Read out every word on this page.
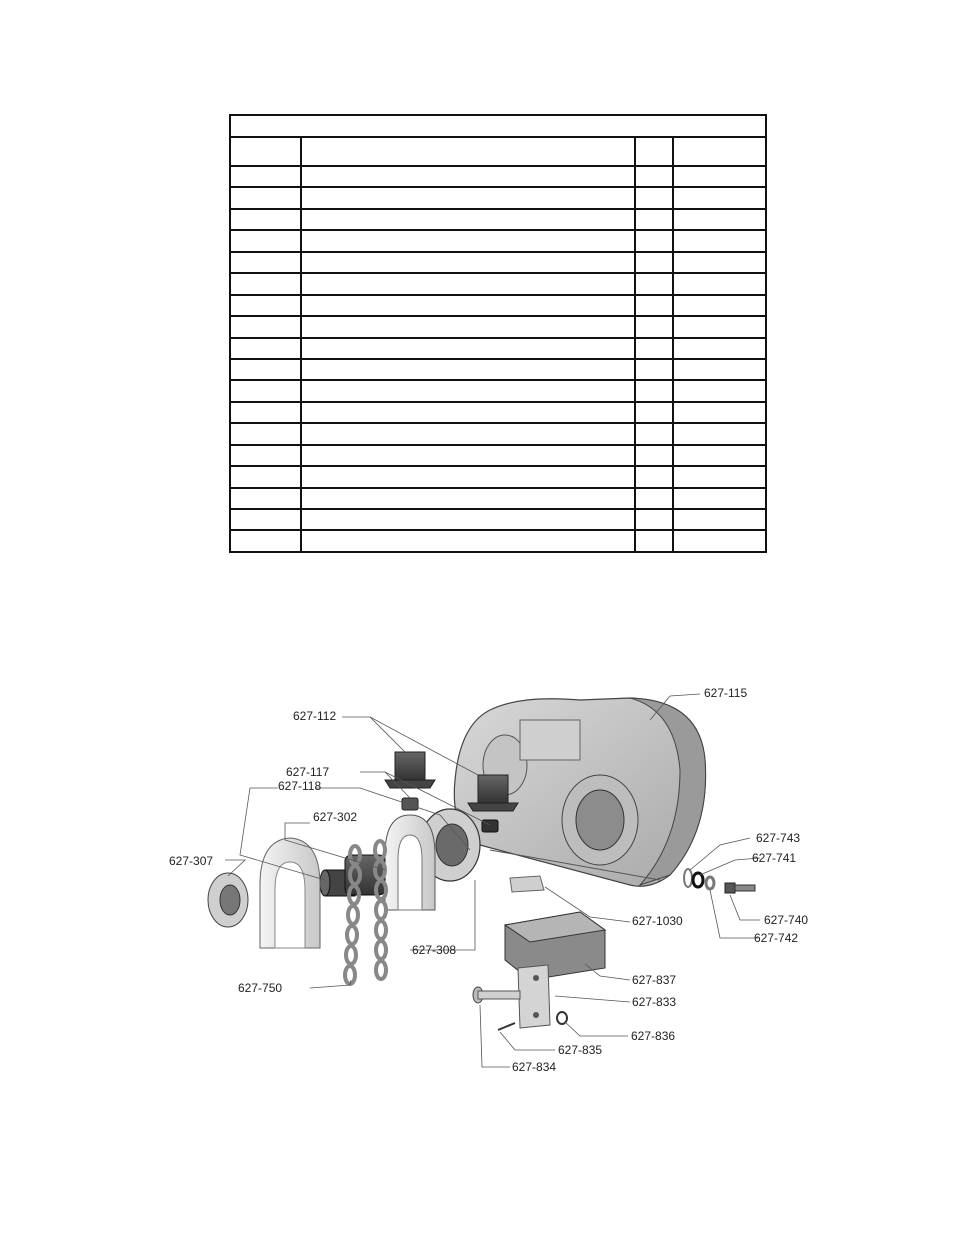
627-115
627-112
627-117
627-118
627-302
627-307
627-308
627-750
627-1030
627-743
627-741
627-740
627-742
627-837
627-833
627-836
627-835
627-834
